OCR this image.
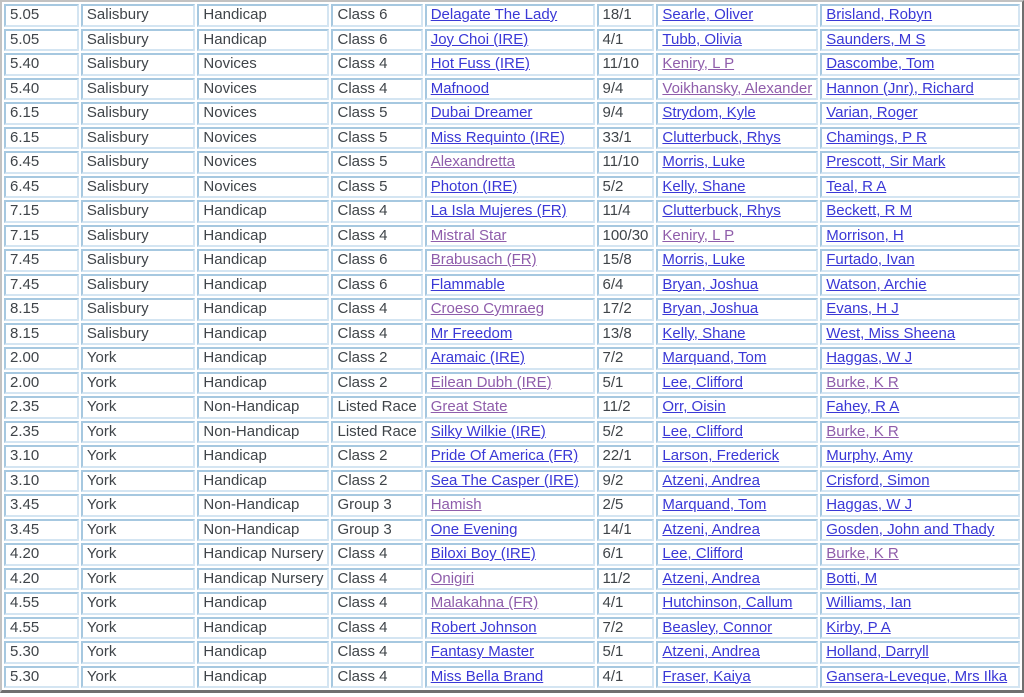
5.05	Salisbury	Handicap	Class 6	Delagate The Lady	18/1	Searle, Oliver	Brisland, Robyn
5.05	Salisbury	Handicap	Class 6	Joy Choi (IRE)	4/1	Tubb, Olivia	Saunders, M S
5.40	Salisbury	Novices	Class 4	Hot Fuss (IRE)	11/10	Keniry, L P	Dascombe, Tom
5.40	Salisbury	Novices	Class 4	Mafnood	9/4	Voikhansky, Alexander	Hannon (Jnr), Richard
6.15	Salisbury	Novices	Class 5	Dubai Dreamer	9/4	Strydom, Kyle	Varian, Roger
6.15	Salisbury	Novices	Class 5	Miss Requinto (IRE)	33/1	Clutterbuck, Rhys	Chamings, P R
6.45	Salisbury	Novices	Class 5	Alexandretta	11/10	Morris, Luke	Prescott, Sir Mark
6.45	Salisbury	Novices	Class 5	Photon (IRE)	5/2	Kelly, Shane	Teal, R A
7.15	Salisbury	Handicap	Class 4	La Isla Mujeres (FR)	11/4	Clutterbuck, Rhys	Beckett, R M
7.15	Salisbury	Handicap	Class 4	Mistral Star	100/30	Keniry, L P	Morrison, H
7.45	Salisbury	Handicap	Class 6	Brabusach (FR)	15/8	Morris, Luke	Furtado, Ivan
7.45	Salisbury	Handicap	Class 6	Flammable	6/4	Bryan, Joshua	Watson, Archie
8.15	Salisbury	Handicap	Class 4	Croeso Cymraeg	17/2	Bryan, Joshua	Evans, H J
8.15	Salisbury	Handicap	Class 4	Mr Freedom	13/8	Kelly, Shane	West, Miss Sheena
2.00	York	Handicap	Class 2	Aramaic (IRE)	7/2	Marquand, Tom	Haggas, W J
2.00	York	Handicap	Class 2	Eilean Dubh (IRE)	5/1	Lee, Clifford	Burke, K R
2.35	York	Non-Handicap	Listed Race	Great State	11/2	Orr, Oisin	Fahey, R A
2.35	York	Non-Handicap	Listed Race	Silky Wilkie (IRE)	5/2	Lee, Clifford	Burke, K R
3.10	York	Handicap	Class 2	Pride Of America (FR)	22/1	Larson, Frederick	Murphy, Amy
3.10	York	Handicap	Class 2	Sea The Casper (IRE)	9/2	Atzeni, Andrea	Crisford, Simon
3.45	York	Non-Handicap	Group 3	Hamish	2/5	Marquand, Tom	Haggas, W J
3.45	York	Non-Handicap	Group 3	One Evening	14/1	Atzeni, Andrea	Gosden, John and Thady
4.20	York	Handicap Nursery	Class 4	Biloxi Boy (IRE)	6/1	Lee, Clifford	Burke, K R
4.20	York	Handicap Nursery	Class 4	Onigiri	11/2	Atzeni, Andrea	Botti, M
4.55	York	Handicap	Class 4	Malakahna (FR)	4/1	Hutchinson, Callum	Williams, Ian
4.55	York	Handicap	Class 4	Robert Johnson	7/2	Beasley, Connor	Kirby, P A
5.30	York	Handicap	Class 4	Fantasy Master	5/1	Atzeni, Andrea	Holland, Darryll
5.30	York	Handicap	Class 4	Miss Bella Brand	4/1	Fraser, Kaiya	Gansera-Leveque, Mrs Ilka
